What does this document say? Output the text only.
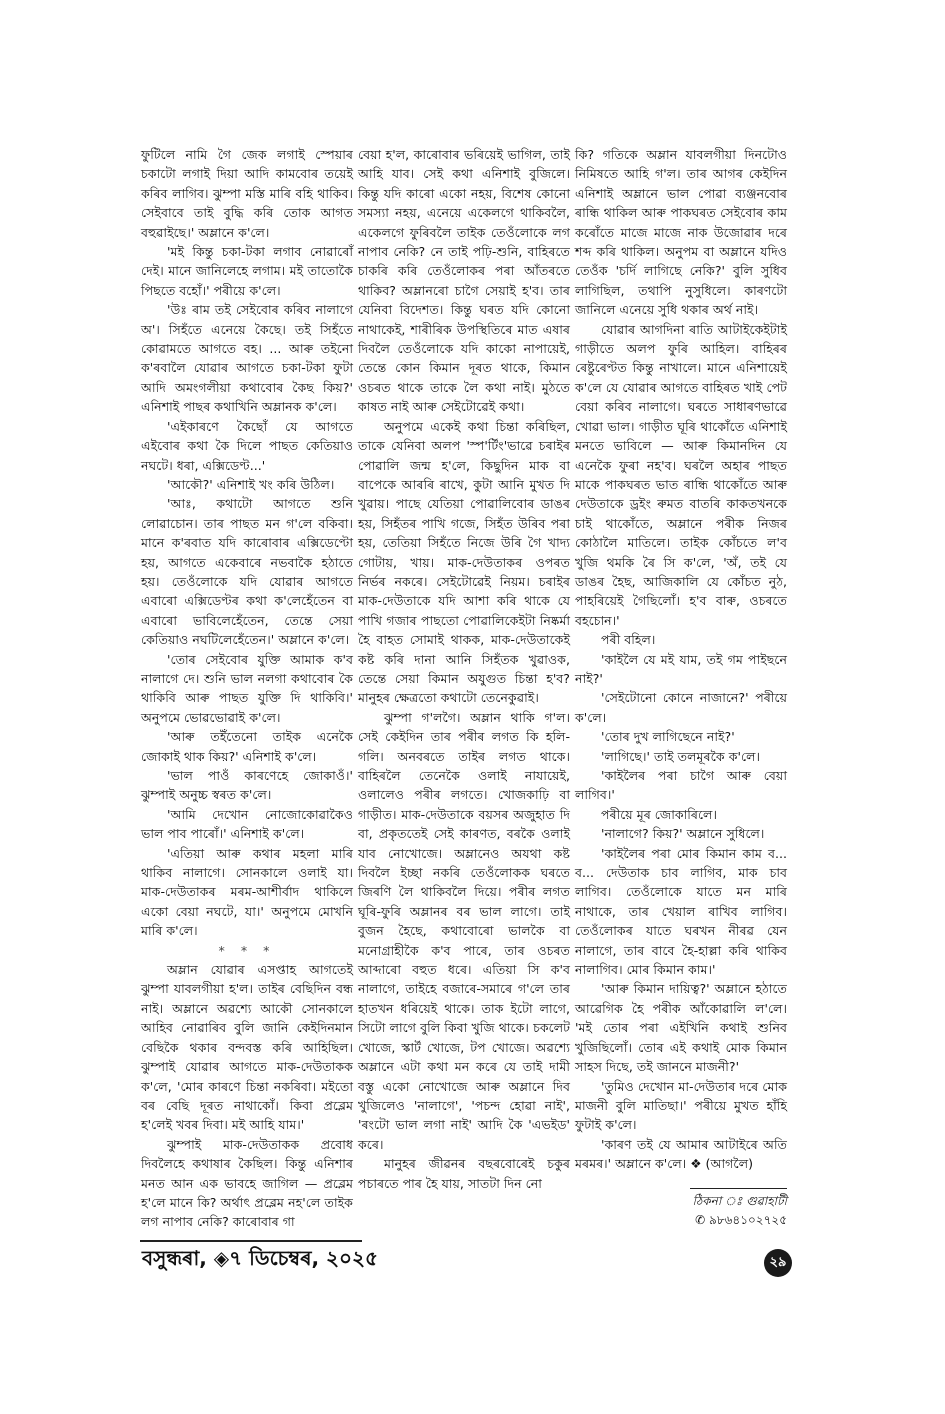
ফুটিলে নামি গৈ জেক লগাই স্পেয়াৰ চকাটো লগাই দিয়া আদি কামবোৰ তয়েই কৰিব লাগিব। ঝুম্পা মস্তি মাৰি বহি থাকিব। সেইবাবে তাই বুদ্ধি কৰি তোক আগত বহুৱাইছে।' অম্লানে ক'লে।

'মই কিন্তু চকা-টকা লগাব নোৱাৰোঁ দেই। মানে জানিলেহে লগাম। মই তাতোকৈ পিছতে বহোঁ।' পৰীয়ে ক'লে।

'উঃ ৰাম তই সেইবোৰ কৰিব নালাগে অ'। সিহঁতে এনেয়ে কৈছে। তই সিহঁতে কোৱামতে আগতে বহ। ... আৰু তইনো ক'ৰবালৈ যোৱাৰ আগতে চকা-টকা ফুটা আদি অমংগলীয়া কথাবোৰ কৈছ কিয়?' এনিশাই পাছৰ কথাখিনি অম্লানক ক'লে।

'এইকাৰণে কৈছোঁ যে আগতে এইবোৰ কথা কৈ দিলে পাছত কেতিয়াও নঘটে। ধৰা, এক্সিডেণ্ট...'

'আকৌ?' এনিশাই খং কৰি উঠিল।

'আঃ, কথাটো আগতে শুনি লোৱাচোন। তাৰ পাছত মন গ'লে বকিবা। মানে ক'ৰবাত যদি কাৰোবাৰ এক্সিডেণ্টো হয়, আগতে একেবাৰে নভবাকৈ হঠাতে হয়। তেওঁলোকে যদি যোৱাৰ আগতে এবাৰো এক্সিডেণ্টৰ কথা ক'লেহেঁতেন বা এবাৰো ভাবিলেহেঁতেন, তেন্তে সেয়া কেতিয়াও নঘটিলেহেঁতেন।' অম্লানে ক'লে।

'তোৰ সেইবোৰ যুক্তি আমাক ক'ব নালাগে দে। শুনি ভাল নলগা কথাবোৰ কৈ থাকিবি আৰু পাছত যুক্তি দি থাকিবি।' অনুপমে ভোৱভোৱাই ক'লে।

'আৰু তইঁতেনো তাইক এনেকৈ জোকাই থাক কিয়?' এনিশাই ক'লে।

'ভাল পাওঁ কাৰণেহে জোকাওঁ।' ঝুম্পাই অনুচ্চ স্বৰত ক'লে।

'আমি দেখোন নোজোকোৱাকৈও ভাল পাব পাৰোঁ।' এনিশাই ক'লে।

'এতিয়া আৰু কথাৰ মহলা মাৰি থাকিব নালাগে। সোনকালে ওলাই যা। মাক-দেউতাকৰ মৰম-আশীৰ্বাদ থাকিলে একো বেয়া নঘটে, যা।' অনুপমে মোখনি মাৰি ক'লে।

* * *

অম্লান যোৱাৰ এসপ্তাহ আগতেই ঝুম্পা যাবলগীয়া হ'ল। তাইৰ বেছিদিন বন্ধ নাই। অম্লানে অৱশ্যে আকৌ সোনকালে আহিব নোৱাৰিব বুলি জানি কেইদিনমান বেছিকৈ থকাৰ বন্দবস্ত কৰি আহিছিল। ঝুম্পাই যোৱাৰ আগতে মাক-দেউতাকক ক'লে, 'মোৰ কাৰণে চিন্তা নকৰিবা। মইতো বৰ বেছি দূৰত নাথাকোঁ। কিবা প্ৰব্লেম হ'লেই খবৰ দিবা। মই আহি যাম।'

ঝুম্পাই মাক-দেউতাকক প্ৰবোধ দিবলৈহে কথাষাৰ কৈছিল। কিন্তু এনিশাৰ মনত আন এক ভাবহে জাগিল — প্ৰব্লেম হ'লে মানে কি? অৰ্থাৎ প্ৰব্লেম নহ'লে তাইক লগ নাপাব নেকি? কাৰোবাৰ গা

বেয়া হ'ল, কাৰোবাৰ ভৰিয়েই ভাগিল, তাই আহি যাব। সেই কথা এনিশাই বুজিলে। কিন্তু যদি কাৰো একো নহয়, বিশেষ কোনো সমস্যা নহয়, এনেয়ে একেলগে থাকিবলৈ, একেলগে ফুৰিবলৈ তাইক তেওঁলোকে লগ নাপাব নেকি? নে তাই পঢ়ি-শুনি, বাহিৰতে চাকৰি কৰি তেওঁলোকৰ পৰা আঁতৰতে থাকিব? অম্লানৰো চাগৈ সেয়াই হ'ব। তাৰ যেনিবা বিদেশত। কিন্তু ঘৰত যদি কোনো নাথাকেই, শাৰীৰিক উপস্থিতিৰে মাত এষাৰ দিবলৈ তেওঁলোকে যদি কাকো নাপায়েই, তেন্তে কোন কিমান দূৰত থাকে, কিমান ওচৰত থাকে তাকে লৈ কথা নাই। মুঠতে কাষত নাই আৰু সেইটোৱেই কথা।

অনুপমে একেই কথা চিন্তা কৰিছিল, তাকে যেনিবা অলপ 'স্প'ৰ্টিং'ভাৱে চৰাইৰ পোৱালি জন্ম হ'লে, কিছুদিন মাক বা বাপেকে আৰৰি ৰাখে, কুটা আনি মুখত দি খুৱায়। পাছে যেতিয়া পোৱালিবোৰ ডাঙৰ হয়, সিহঁতৰ পাখি গজে, সিহঁত উৰিব পৰা হয়, তেতিয়া সিহঁতে নিজে উৰি গৈ খাদ্য গোটায়, খায়। মাক-দেউতাকৰ ওপৰত নিৰ্ভৰ নকৰে। সেইটোৱেই নিয়ম। চৰাইৰ মাক-দেউতাকে যদি আশা কৰি থাকে যে পাখি গজাৰ পাছতো পোৱালিকেইটা নিষ্কৰ্মা হৈ বাহত সোমাই থাকক, মাক-দেউতাকেই কষ্ট কৰি দানা আনি সিহঁতক খুৱাওক, তেন্তে সেয়া কিমান অযুগুত চিন্তা হ'ব? মানুহৰ ক্ষেত্ৰতো কথাটো তেনেকুৱাই।

ঝুম্পা গ'লগৈ। অম্লান থাকি গ'ল। সেই কেইদিন তাৰ পৰীৰ লগত কি হলি-গলি। অনবৰতে তাইৰ লগত থাকে। বাহিৰলৈ তেনেকৈ ওলাই নাযায়েই, ওলালেও পৰীৰ লগতে। খোজকাঢ়ি বা গাড়ীত। মাক-দেউতাকে বয়সৰ অজুহাত দি বা, প্ৰকৃততেই সেই কাৰণত, বৰকৈ ওলাই যাব নোখোজে। অম্লানেও অযথা কষ্ট দিবলৈ ইচ্ছা নকৰি তেওঁলোকক ঘৰতে জিৰণি লৈ থাকিবলৈ দিয়ে। পৰীৰ লগত ঘূৰি-ফুৰি অম্লানৰ বৰ ভাল লাগে। তাই বুজন হৈছে, কথাবোৰো ভালকৈ বা মনোগ্ৰাহীকৈ ক'ব পাৰে, তাৰ ওচৰত আব্দাৰো বহুত ধৰে। এতিয়া সি ক'ব নালাগে, তাইহে বজাৰে-সমাৰে গ'লে তাৰ হাতখন ধৰিয়েই থাকে। তাক ইটো লাগে, সিটো লাগে বুলি কিবা খুজি থাকে। চকলেট খোজে, স্কাৰ্ট খোজে, টপ খোজে। অৱশ্যে অম্লানে এটা কথা মন কৰে যে তাই দামী বস্তু একো নোখোজে আৰু অম্লানে দিব খুজিলেও 'নালাগে', 'পচন্দ হোৱা নাই', 'ৰংটো ভাল লগা নাই' আদি কৈ 'এভইড' কৰে।

মানুহৰ জীৱনৰ বছৰবোৰেই চকুৰ পচাৰতে পাৰ হৈ যায়, সাতটা দিন নো

কি? গতিকে অম্লান যাবলগীয়া দিনটোও নিমিষতে আহি গ'ল। তাৰ আগৰ কেইদিন এনিশাই অম্লানে ভাল পোৱা ব্যঞ্জনবোৰ ৰান্ধি থাকিল আৰু পাকঘৰত সেইবোৰ কাম কৰোঁতে মাজে মাজে নাক উজোৱাৰ দৰে শব্দ কৰি থাকিল। অনুপম বা অম্লানে যদিও তেওঁক 'চৰ্দি লাগিছে নেকি?' বুলি সুধিব লাগিছিল, তথাপি নুসুধিলে। কাৰণটো জানিলে এনেয়ে সুধি থকাৰ অৰ্থ নাই।

যোৱাৰ আগদিনা ৰাতি আটাইকেইটাই গাড়ীতে অলপ ফুৰি আহিল। বাহিৰৰ ৰেষ্টুৰেণ্টত কিন্তু নাখালে। মানে এনিশায়েই ক'লে যে যোৱাৰ আগতে বাহিৰত খাই পেট বেয়া কৰিব নালাগে। ঘৰতে সাধাৰণভাৱে খোৱা ভাল। গাড়ীত ঘূৰি থাকোঁতে এনিশাই মনতে ভাবিলে — আৰু কিমানদিন যে এনেকৈ ফুৰা নহ'ব। ঘৰলৈ অহাৰ পাছত মাকে পাকঘৰত ভাত ৰান্ধি থাকোঁতে আৰু দেউতাকে ড্ৰইং ৰুমত বাতৰি কাকতখনকে চাই থাকোঁতে, অম্লানে পৰীক নিজৰ কোঠালৈ মাতিলে। তাইক কোঁচতে ল'ব খুজি থমকি ৰৈ সি ক'লে, 'অঁ, তই যে ডাঙৰ হৈছ, আজিকালি যে কোঁচত নুঠ, পাহৰিয়েই গৈছিলোঁ। হ'ব বাৰু, ওচৰতে বহচোন।'

পৰী বহিল।

'কাইলৈ যে মই যাম, তই গম পাইছনে নাই?'

'সেইটোনো কোনে নাজানে?' পৰীয়ে ক'লে।

'তোৰ দুখ লাগিছেনে নাই?'

'লাগিছে।' তাই তলমূৰকৈ ক'লে।

'কাইলৈৰ পৰা চাগৈ আৰু বেয়া লাগিব।'

পৰীয়ে মূৰ জোকাৰিলে।

'নালাগে? কিয়?' অম্লানে সুধিলে।

'কাইলৈৰ পৰা মোৰ কিমান কাম ব... ব... দেউতাক চাব লাগিব, মাক চাব লাগিব। তেওঁলোকে যাতে মন মাৰি নাথাকে, তাৰ খেয়াল ৰাখিব লাগিব। তেওঁলোকৰ যাতে ঘৰখন নীৰৱ যেন নালাগে, তাৰ বাবে হৈ-হাল্লা কৰি থাকিব নালাগিব। মোৰ কিমান কাম।'

'আৰু কিমান দায়িত্ব?' অম্লানে হঠাতে আৱেগিক হৈ পৰীক আঁকোৱালি ল'লে। 'মই তোৰ পৰা এইখিনি কথাই শুনিব খুজিছিলোঁ। তোৰ এই কথাই মোক কিমান সাহস দিছে, তই জাননে মাজনী?'

'তুমিও দেখোন মা-দেউতাৰ দৰে মোক মাজনী বুলি মাতিছা।' পৰীয়ে মুখত হাঁহি ফুটাই ক'লে।

'কাৰণ তই যে আমাৰ আটাইৰে অতি মৰমৰ।' অম্লানে ক'লে। ❖ (আগলৈ)

ঠিকনা ঃ গুৱাহাটী
✆ ৯৮৬৪১০২৭২৫
বসুন্ধৰা, ◈৭ ডিচেম্বৰ, ২০২৫	২৯
